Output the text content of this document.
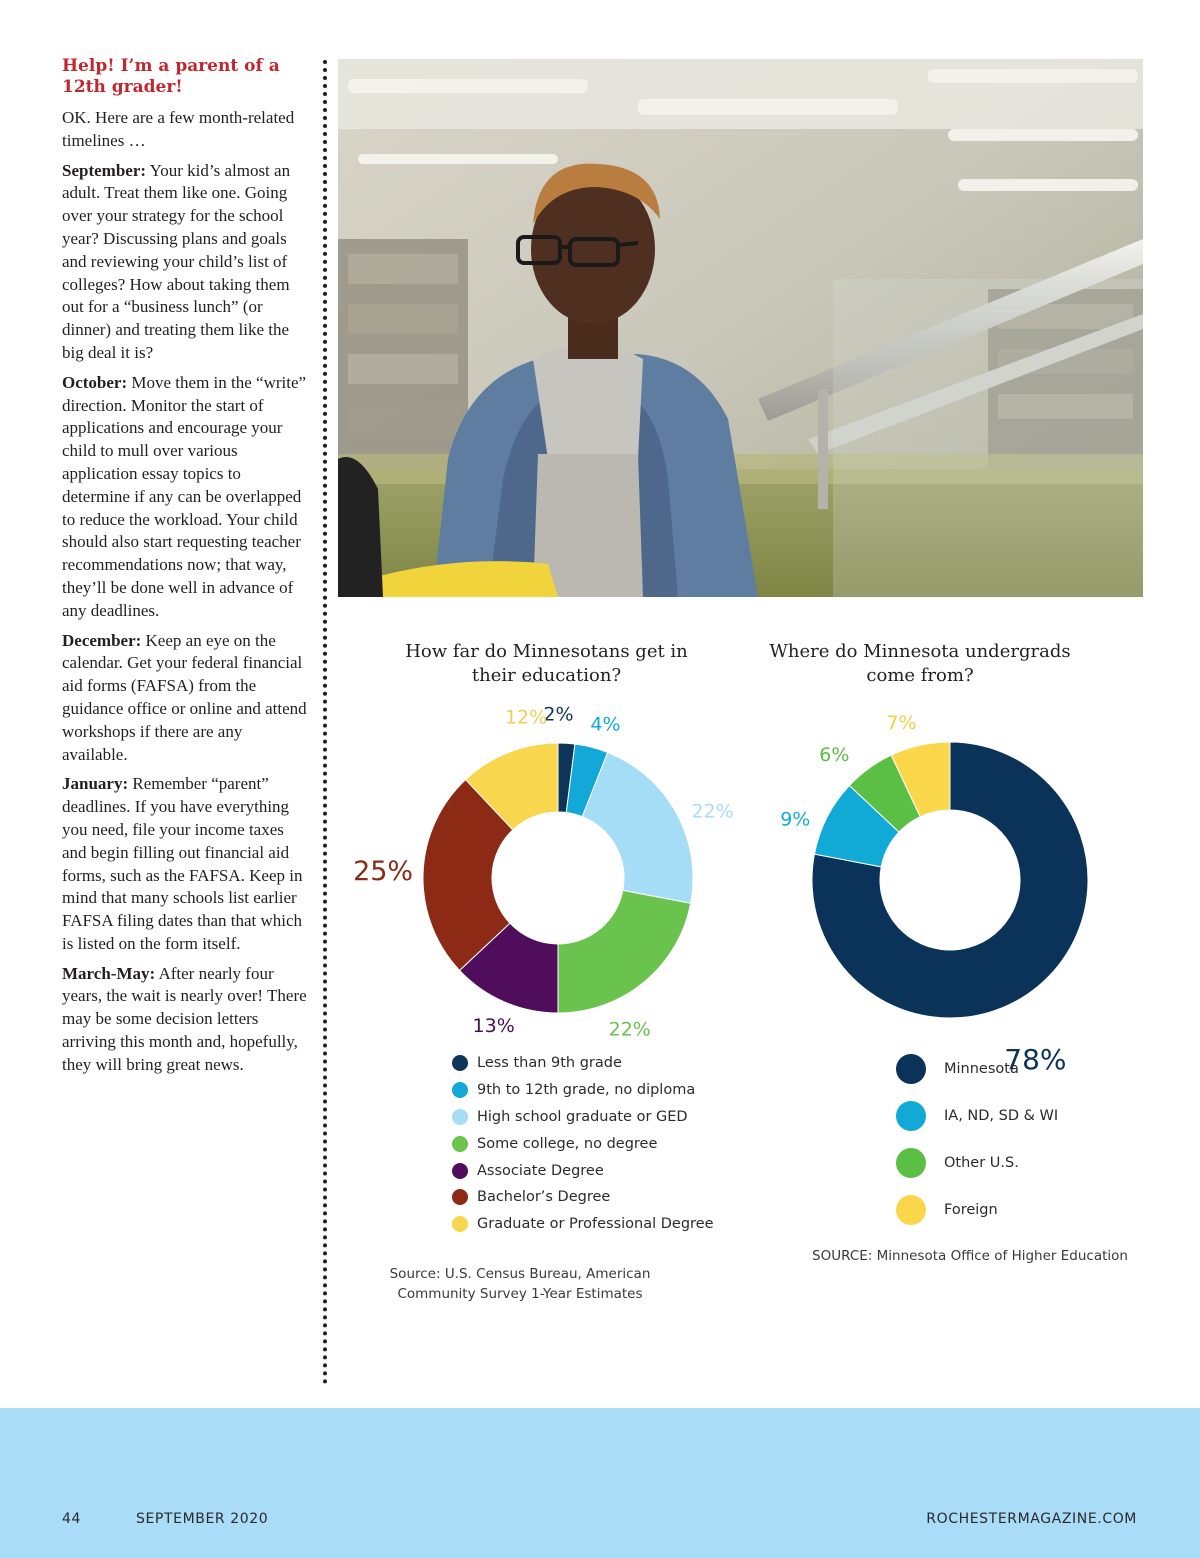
Help! I’m a parent of a 12th grader!

OK. Here are a few month-related timelines …

September: Your kid’s almost an adult. Treat them like one. Going over your strategy for the school year? Discussing plans and goals and reviewing your child’s list of colleges? How about taking them out for a “business lunch” (or dinner) and treating them like the big deal it is?

October: Move them in the “write” direction. Monitor the start of applications and encourage your child to mull over various application essay topics to determine if any can be overlapped to reduce the workload. Your child should also start requesting teacher recommendations now; that way, they’ll be done well in advance of any deadlines.

December: Keep an eye on the calendar. Get your federal financial aid forms (FAFSA) from the guidance office or online and attend workshops if there are any available.

January: Remember “parent” deadlines. If you have everything you need, file your income taxes and begin filling out financial aid forms, such as the FAFSA. Keep in mind that many schools list earlier FAFSA filing dates than that which is listed on the form itself.

March-May: After nearly four years, the wait is nearly over! There may be some decision letters arriving this month and, hopefully, they will bring great news.

How far do Minnesotans get in their education?
2% 4%
22%
22%
13%
25%
12%
Less than 9th grade
9th to 12th grade, no diploma
High school graduate or GED
Some college, no degree
Associate Degree
Bachelor’s Degree
Graduate or Professional Degree
Source: U.S. Census Bureau, American Community Survey 1-Year Estimates
Where do Minnesota undergrads come from?
78%
9%
6%
7%
Minnesota
IA, ND, SD & WI
Other U.S.
Foreign
SOURCE: Minnesota Office of Higher Education
44	SEPTEMBER 2020	ROCHESTERMAGAZINE.COM
